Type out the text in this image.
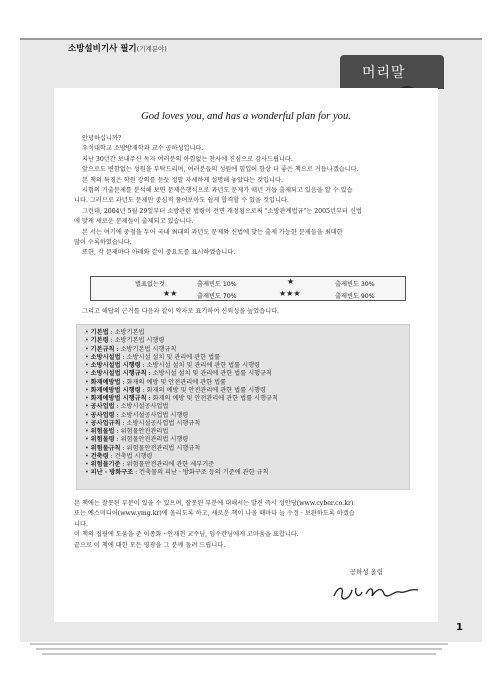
소방설비기사 필기(기계분야)
머리말
God loves you, and has a wonderful plan for you.

안녕하십니까?

우석대학교 소방방재학과 교수 공하성입니다.

지난 30년간 보내주신 독자 여러분의 아낌없는 찬사에 진심으로 감사드립니다.

앞으로도 변함없는 성원을 부탁드리며, 여러분들의 성원에 힘입어 항상 더 좋은 책으로 거듭나겠습니다.

본 책의 특징은 학원 강의를 듣듯 정말 자세하게 설명해 놓았다는 것입니다.

시험의 기출문제를 분석해 보면 문제은행식으로 과년도 문제가 매년 거듭 출제되고 있음을 알 수 있습

니다. 그러므로 과년도 문제만 중심적 풀어보아도 쉽게 합격할 수 있을 것입니다.

그런데, 2004년 5월 29일부터 소방관련 법령이 전면 개정됨으로써 "소방관계법규"는 2005년부터 신법

에 맞게 새로운 문제들이 출제되고 있습니다.

본 서는 여기에 중점을 두어 국내 최대의 과년도 문제와 신법에 맞는 출제 가능한 문제들을 최대한

많이 수록하였습니다.

또한, 각 문제마다 아래와 같이 중요도를 표시하였습니다.

별표없는것	출제빈도 10%	★	출제빈도 30%
★★	출제빈도 70%	★★★	출제빈도 90%
그리고 해답의 근거를 다음과 같이 약자로 표기하여 신뢰성을 높였습니다.
• 기본법 : 소방기본법
• 기본령 : 소방기본법 시행령
• 기본규칙 : 소방기본법 시행규칙
• 소방시설법 : 소방시설 설치 및 관리에 관한 법률
• 소방시설법 시행령 : 소방시설 설치 및 관리에 관한 법률 시행령
• 소방시설법 시행규칙 : 소방시설 설치 및 관리에 관한 법률 시행규칙
• 화재예방법 : 화재의 예방 및 안전관리에 관한 법률
• 화재예방법 시행령 : 화재의 예방 및 안전관리에 관한 법률 시행령
• 화재예방법 시행규칙 : 화재의 예방 및 안전관리에 관한 법률 시행규칙
• 공사업법 : 소방시설공사업법
• 공사업령 : 소방시설공사업법 시행령
• 공사업규칙 : 소방시설공사업법 시행규칙
• 위험물법 : 위험물안전관리법
• 위험물령 : 위험물안전관리법 시행령
• 위험물규칙 : 위험물안전관리법 시행규칙
• 건축령 : 건축법 시행령
• 위험물기준 : 위험물안전관리에 관한 세부기준
• 피난 · 방화구조 : 건축물의 피난 · 방화구조 등의 기준에 관한 규칙

본 책에는 잘못된 부분이 있을 수 있으며, 잘못된 부분에 대해서는 발견 즉시 성안당(www.cyber.co.kr)

또는 예스미디어(www.ymg.kr)에 올리도록 하고, 새로운 책이 나올 때마다 늘 수정 · 보완하도록 하겠습

니다.

이 책의 집필에 도움을 준 이종화 · 안재천 교수님, 임수란님에게 고마움을 표합니다.

끝으로 이 책에 대한 모든 영광을 그 분께 돌려 드립니다.

공하성 올림
1
